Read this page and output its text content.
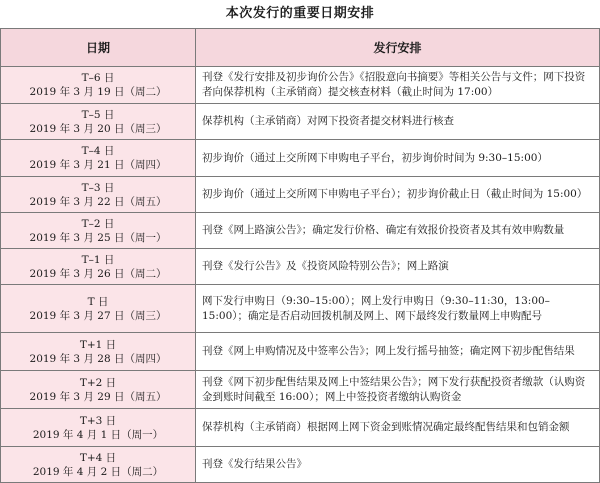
本次发行的重要日期安排
日期	发行安排

T–6 日
2019 年 3 月 19 日（周二）	刊登《发行安排及初步询价公告》《招股意向书摘要》等相关公告与文件；网下投资者向保荐机构（主承销商）提交核查材料（截止时间为 17:00）

T–5 日
2019 年 3 月 20 日（周三）	保荐机构（主承销商）对网下投资者提交材料进行核查

T–4 日
2019 年 3 月 21 日（周四）	初步询价（通过上交所网下申购电子平台，初步询价时间为 9:30–15:00）

T–3 日
2019 年 3 月 22 日（周五）	初步询价（通过上交所网下申购电子平台）；初步询价截止日（截止时间为 15:00）

T–2 日
2019 年 3 月 25 日（周一）	刊登《网上路演公告》；确定发行价格、确定有效报价投资者及其有效申购数量

T–1 日
2019 年 3 月 26 日（周二）	刊登《发行公告》及《投资风险特别公告》；网上路演

T 日
2019 年 3 月 27 日（周三）	网下发行申购日（9:30–15:00）；网上发行申购日（9:30–11:30，13:00–15:00）；确定是否启动回拨机制及网上、网下最终发行数量网上申购配号

T+1 日
2019 年 3 月 28 日（周四）	刊登《网上申购情况及中签率公告》；网上发行摇号抽签；确定网下初步配售结果

T+2 日
2019 年 3 月 29 日（周五）	刊登《网下初步配售结果及网上中签结果公告》；网下发行获配投资者缴款（认购资金到账时间截至 16:00）；网上中签投资者缴纳认购资金

T+3 日
2019 年 4 月 1 日（周一）	保荐机构（主承销商）根据网上网下资金到账情况确定最终配售结果和包销金额

T+4 日
2019 年 4 月 2 日（周二）	刊登《发行结果公告》
